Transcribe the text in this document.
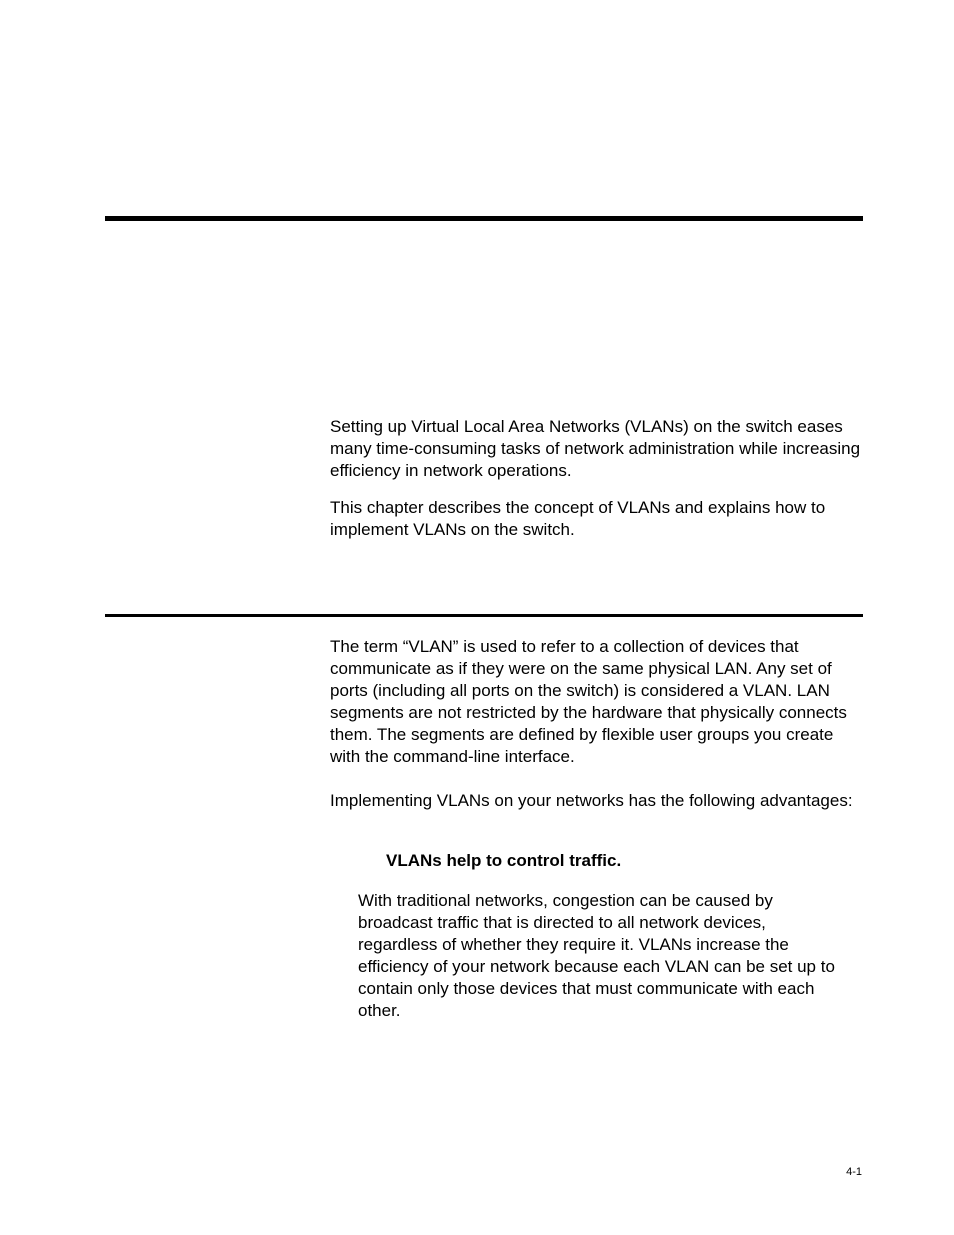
Setting up Virtual Local Area Networks (VLANs) on the switch eases many time-consuming tasks of network administration while increasing efficiency in network operations.

This chapter describes the concept of VLANs and explains how to implement VLANs on the switch.

The term “VLAN” is used to refer to a collection of devices that communicate as if they were on the same physical LAN. Any set of ports (including all ports on the switch) is considered a VLAN. LAN segments are not restricted by the hardware that physically connects them. The segments are defined by flexible user groups you create with the command-line interface.

Implementing VLANs on your networks has the following advantages:

VLANs help to control traffic.

With traditional networks, congestion can be caused by broadcast traffic that is directed to all network devices, regardless of whether they require it. VLANs increase the efficiency of your network because each VLAN can be set up to contain only those devices that must communicate with each other.

4-1
